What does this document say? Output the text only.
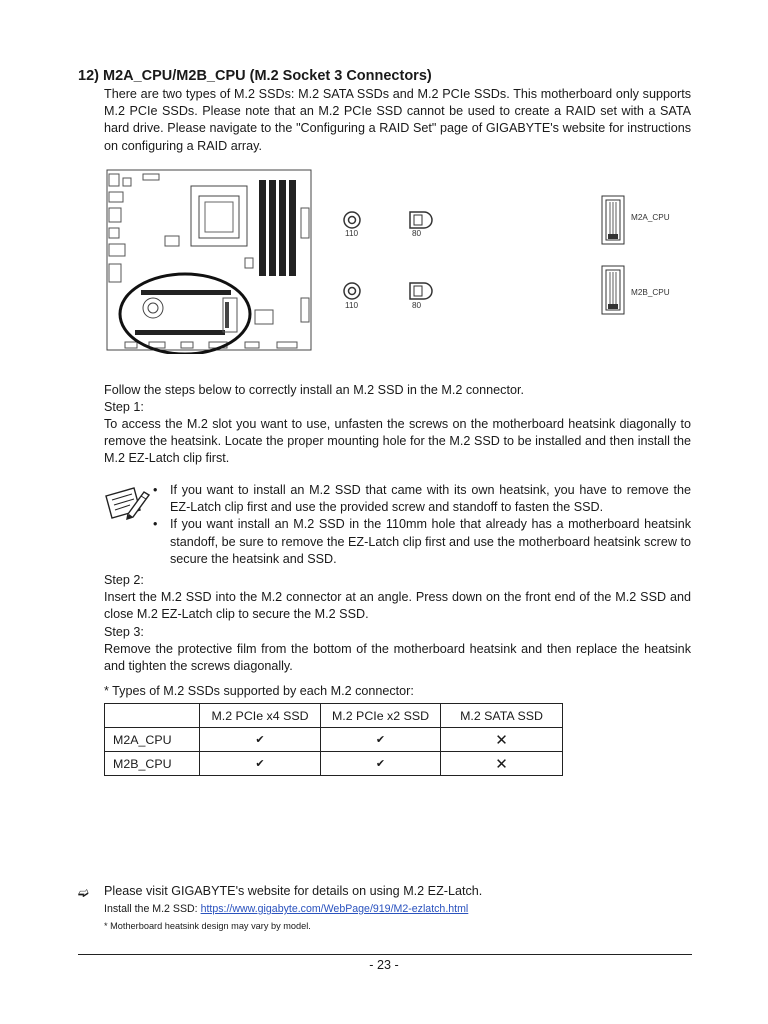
12) M2A_CPU/M2B_CPU (M.2 Socket 3 Connectors)

There are two types of M.2 SSDs: M.2 SATA SSDs and M.2 PCIe SSDs. This motherboard only supports M.2 PCIe SSDs. Please note that an M.2 PCIe SSD cannot be used to create a RAID set with a SATA hard drive. Please navigate to the "Configuring a RAID Set" page of GIGABYTE's website for instructions on configuring a RAID array.

110	80
110	80
M2A_CPU
M2B_CPU
Follow the steps below to correctly install an M.2 SSD in the M.2 connector.
Step 1:

To access the M.2 slot you want to use, unfasten the screws on the motherboard heatsink diagonally to remove the heatsink. Locate the proper mounting hole for the M.2 SSD to be installed and then install the M.2 EZ-Latch clip first.

• If you want to install an M.2 SSD that came with its own heatsink, you have to remove the EZ-Latch clip first and use the provided screw and standoff to fasten the SSD.
• If you want install an M.2 SSD in the 110mm hole that already has a motherboard heatsink standoff, be sure to remove the EZ-Latch clip first and use the motherboard heatsink screw to secure the heatsink and SSD.
Step 2:

Insert the M.2 SSD into the M.2 connector at an angle. Press down on the front end of the M.2 SSD and close M.2 EZ-Latch clip to secure the M.2 SSD.

Step 3:

Remove the protective film from the bottom of the motherboard heatsink and then replace the heatsink and tighten the screws diagonally.

* Types of M.2 SSDs supported by each M.2 connector:
	M.2 PCIe x4 SSD	M.2 PCIe x2 SSD	M.2 SATA SSD
M2A_CPU	✔	✔	✕
M2B_CPU	✔	✔	✕
➫ Please visit GIGABYTE's website for details on using M.2 EZ-Latch.
Install the M.2 SSD: https://www.gigabyte.com/WebPage/919/M2-ezlatch.html
* Motherboard heatsink design may vary by model.
- 23 -
